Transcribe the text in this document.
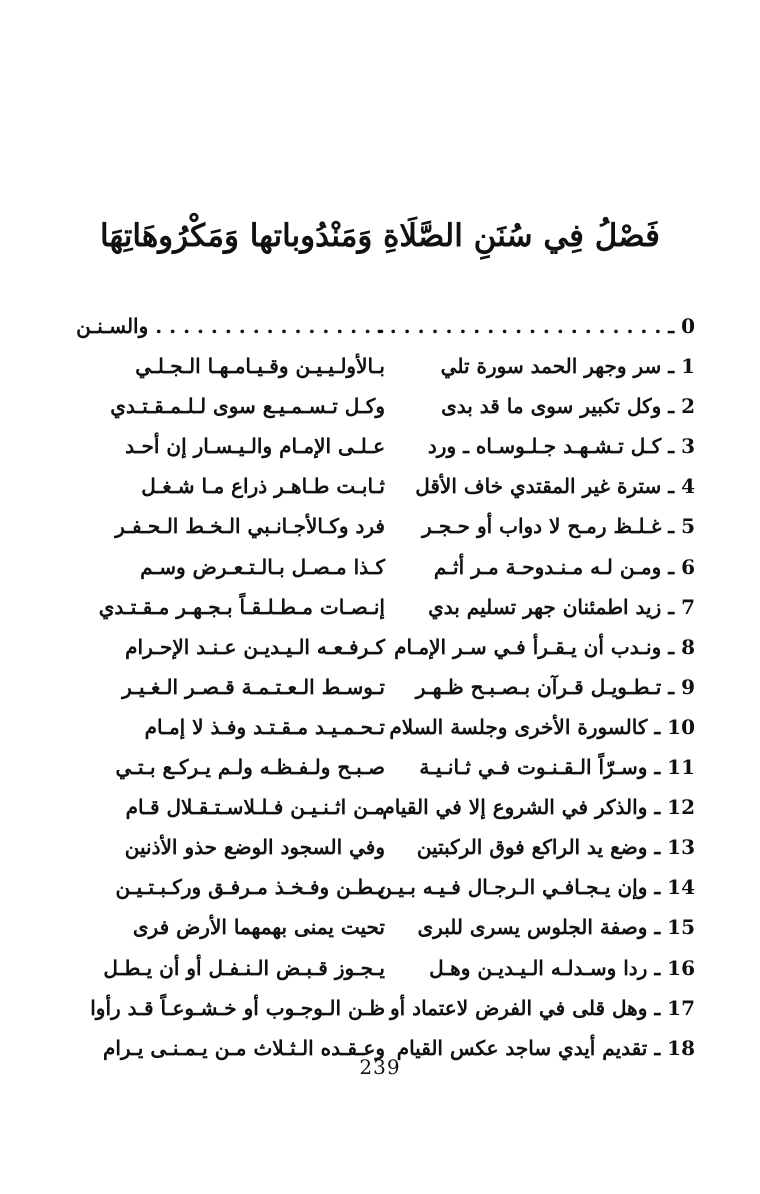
فَصْلُ فِي سُنَنِ الصَّلَاةِ وَمَنْدُوباتها وَمَكْرُوهَاتِهَا
0 ـ . . . . . . . . . . . . . . . . . . . . .
. . . . . . . . . . . . . . . . . والسـنـن
1 ـ سر وجهر الحمد سورة تلي
بـالأولـيـيـن وقـيـامـهـا الـجـلـي
2 ـ وكل تكبير سوى ما قد بدى
وكـل تـسـمـيـع سوى لـلـمـقـتـدي
3 ـ كـل تـشـهـد جـلـوسـاه ـ ورد
عـلـى الإمـام والـيـسـار إن أحـد
4 ـ سترة غير المقتدي خاف الأقل
ثـابـت طـاهـر ذراع مـا شـغـل
5 ـ غـلـظ رمـح لا دواب أو حـجـر
فرد وكـالأجـانـبي الـخـط الـحـفـر
6 ـ ومـن لـه مـنـدوحـة مـر أثـم
كـذا مـصـل بـالـتـعـرض وسـم
7 ـ زيد اطمئنان جهر تسليم بدي
إنـصـات مـطـلـقـاً بـجـهـر مـقـتـدي
8 ـ ونـدب أن يـقـرأ فـي سـر الإمـام
كـرفـعـه الـيـديـن عـنـد الإحـرام
9 ـ تـطـويـل قـرآن بـصـبـح ظـهـر
تـوسـط الـعـتـمـة قـصـر الـغـيـر
10 ـ كالسورة الأخرى وجلسة السلام
تـحـمـيـد مـقـتـد وفـذ لا إمـام
11 ـ وسـرّاً الـقـنـوت فـي ثـانـيـة
صـبـح ولـفـظـه ولـم يـركـع بـتـي
12 ـ والذكر في الشروع إلا في القيام
مـن اثـنـيـن فـلـلاسـتـقـلال قـام
13 ـ وضع يد الراكع فوق الركبتين
وفي السجود الوضع حذو الأذنين
14 ـ وإن يـجـافـي الـرجـال فـيـه بـيـن
بـطـن وفـخـذ مـرفـق وركـبـتـيـن
15 ـ وصفة الجلوس يسرى للبرى
تحيت يمنى بهمهما الأرض فرى
16 ـ ردا وسـدلـه الـيـديـن وهـل
يـجـوز قـبـض الـنـفـل أو أن يـطـل
17 ـ وهل قلى في الفرض لاعتماد أو
ظـن الـوجـوب أو خـشـوعـاً قـد رأوا
18 ـ تقديم أيدي ساجد عكس القيام
وعـقـده الـثـلاث مـن يـمـنـى يـرام
239
